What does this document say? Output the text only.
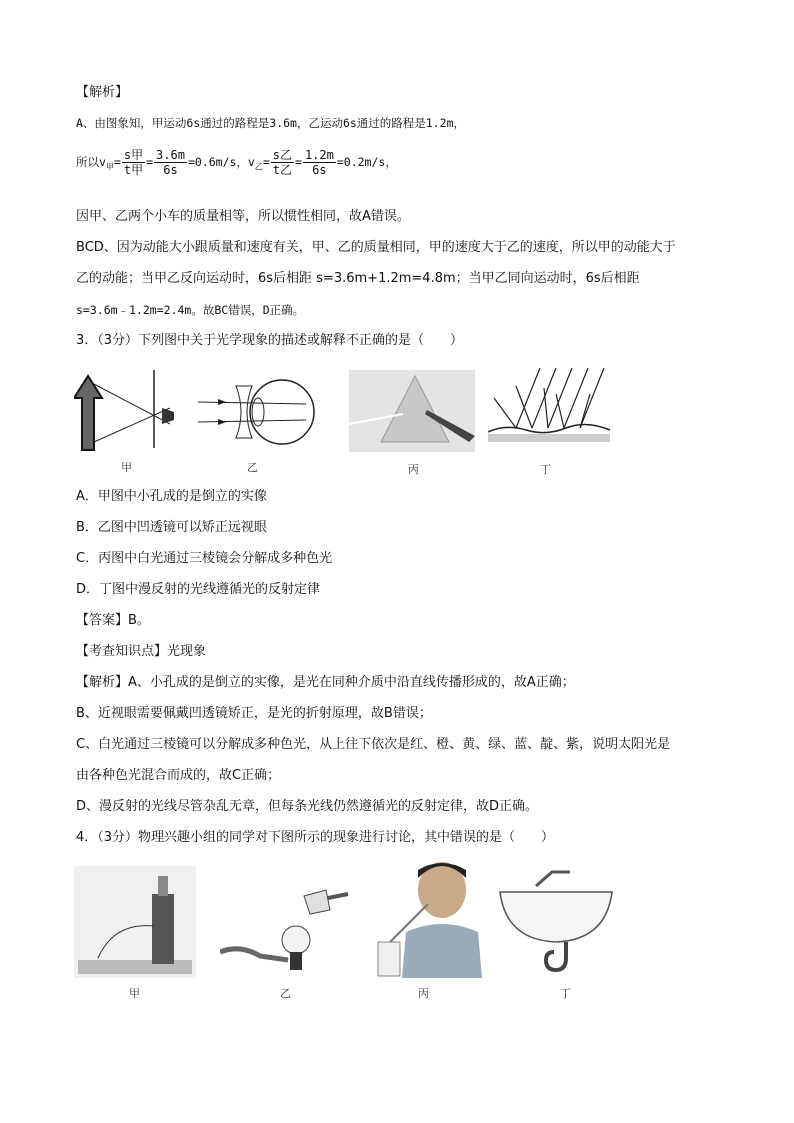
【解析】
A、由图象知，甲运动6s通过的路程是3.6m，乙运动6s通过的路程是1.2m，
所以$v_甲= \frac{\text{s甲}}{\text{t甲}} = \frac{3.6m}{6s} =0.6m/s$，$v_乙= \frac{\text{s乙}}{\text{t乙}} = \frac{1.2m}{6s} =0.2m/s$，
因甲、乙两个小车的质量相等，所以惯性相同，故A错误。
BCD、因为动能大小跟质量和速度有关，甲、乙的质量相同，甲的速度大于乙的速度，所以甲的动能大于
乙的动能；当甲乙反向运动时，6s后相距 s=3.6m+1.2m=4.8m；当甲乙同向运动时，6s后相距
s=3.6m﹣1.2m=2.4m。故BC错误，D正确。
3．（3分）下列图中关于光学现象的描述或解释不正确的是（　　）
甲	乙	丙	丁
A．甲图中小孔成的是倒立的实像
B．乙图中凹透镜可以矫正远视眼
C．丙图中白光通过三棱镜会分解成多种色光
D．丁图中漫反射的光线遵循光的反射定律
【答案】B。
【考查知识点】光现象
【解析】A、小孔成的是倒立的实像，是光在同种介质中沿直线传播形成的，故A正确；
B、近视眼需要佩戴凹透镜矫正，是光的折射原理，故B错误；
C、白光通过三棱镜可以分解成多种色光，从上往下依次是红、橙、黄、绿、蓝、靛、紫，说明太阳光是
由各种色光混合而成的，故C正确；
D、漫反射的光线尽管杂乱无章，但每条光线仍然遵循光的反射定律，故D正确。
4．（3分）物理兴趣小组的同学对下图所示的现象进行讨论，其中错误的是（　　）
甲	乙	丙	丁
